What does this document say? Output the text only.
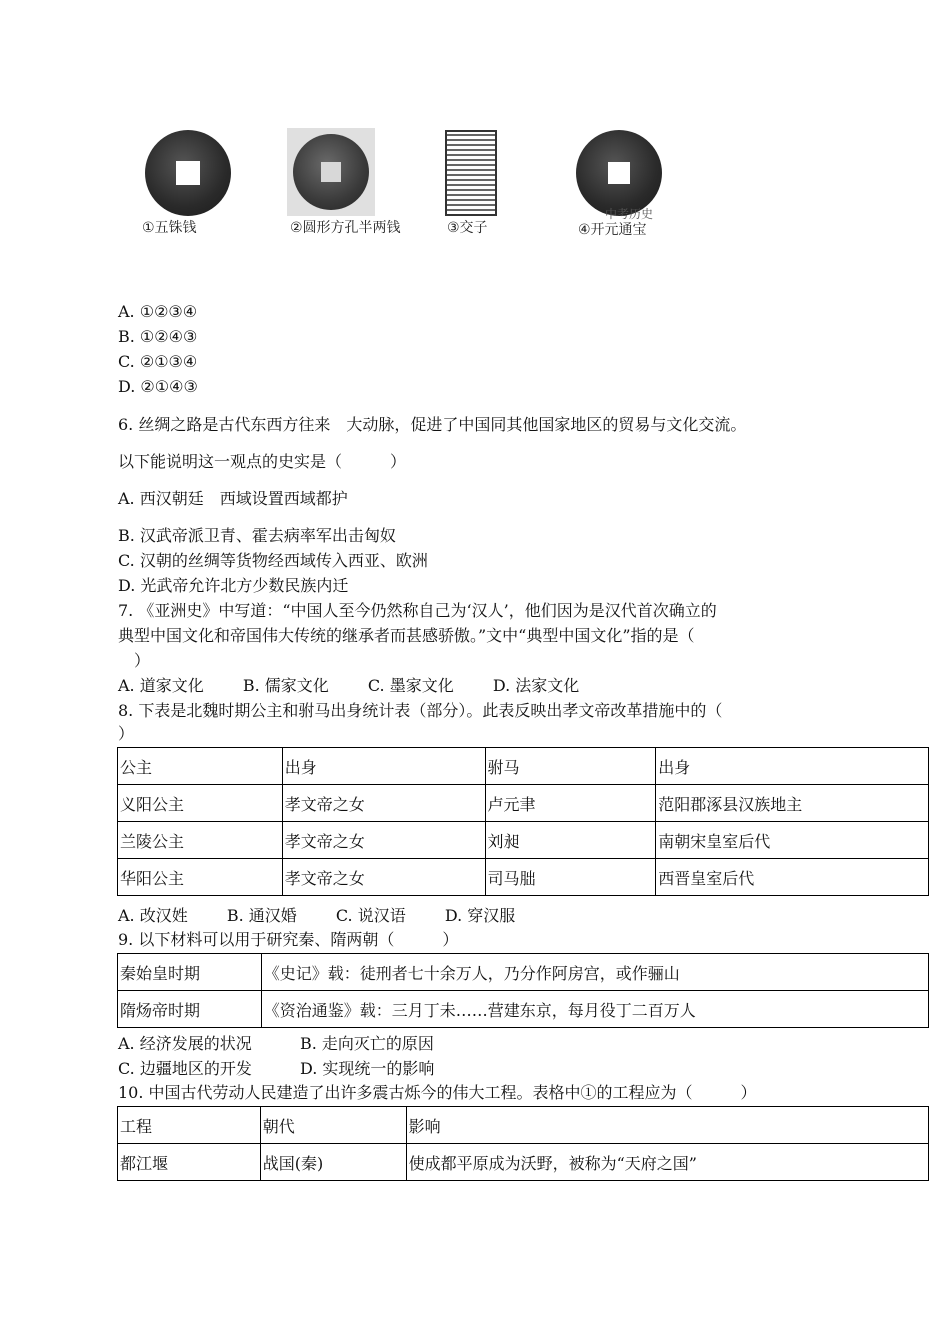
①五铢钱	②圆形方孔半两钱	③交子
中考历史
④开元通宝
A. ①②③④
B. ①②④③
C. ②①③④
D. ②①④③
6. 丝绸之路是古代东西方往来　大动脉，促进了中国同其他国家地区的贸易与文化交流。
以下能说明这一观点的史实是（　　　）
A. 西汉朝廷　西域设置西域都护
B. 汉武帝派卫青、霍去病率军出击匈奴
C. 汉朝的丝绸等货物经西域传入西亚、欧洲
D. 光武帝允许北方少数民族内迁
7. 《亚洲史》中写道：“中国人至今仍然称自己为‘汉人’，他们因为是汉代首次确立的
典型中国文化和帝国伟大传统的继承者而甚感骄傲。”文中“典型中国文化”指的是（
　）
A. 道家文化 B. 儒家文化 C. 墨家文化 D. 法家文化
8. 下表是北魏时期公主和驸马出身统计表（部分）。此表反映出孝文帝改革措施中的（
）
公主	出身	驸马	出身
义阳公主	孝文帝之女	卢元聿	范阳郡涿县汉族地主
兰陵公主	孝文帝之女	刘昶	南朝宋皇室后代
华阳公主	孝文帝之女	司马朏	西晋皇室后代
A. 改汉姓 B. 通汉婚 C. 说汉语 D. 穿汉服
9. 以下材料可以用于研究秦、隋两朝（　　　）
秦始皇时期	《史记》载：徒刑者七十余万人，乃分作阿房宫，或作骊山
隋炀帝时期	《资治通鉴》载：三月丁未……营建东京，每月役丁二百万人
A. 经济发展的状况	B. 走向灭亡的原因
C. 边疆地区的开发	D. 实现统一的影响
10. 中国古代劳动人民建造了出许多震古烁今的伟大工程。表格中①的工程应为（　　　）
工程	朝代	影响
都江堰	战国(秦)	使成都平原成为沃野，被称为“天府之国”
